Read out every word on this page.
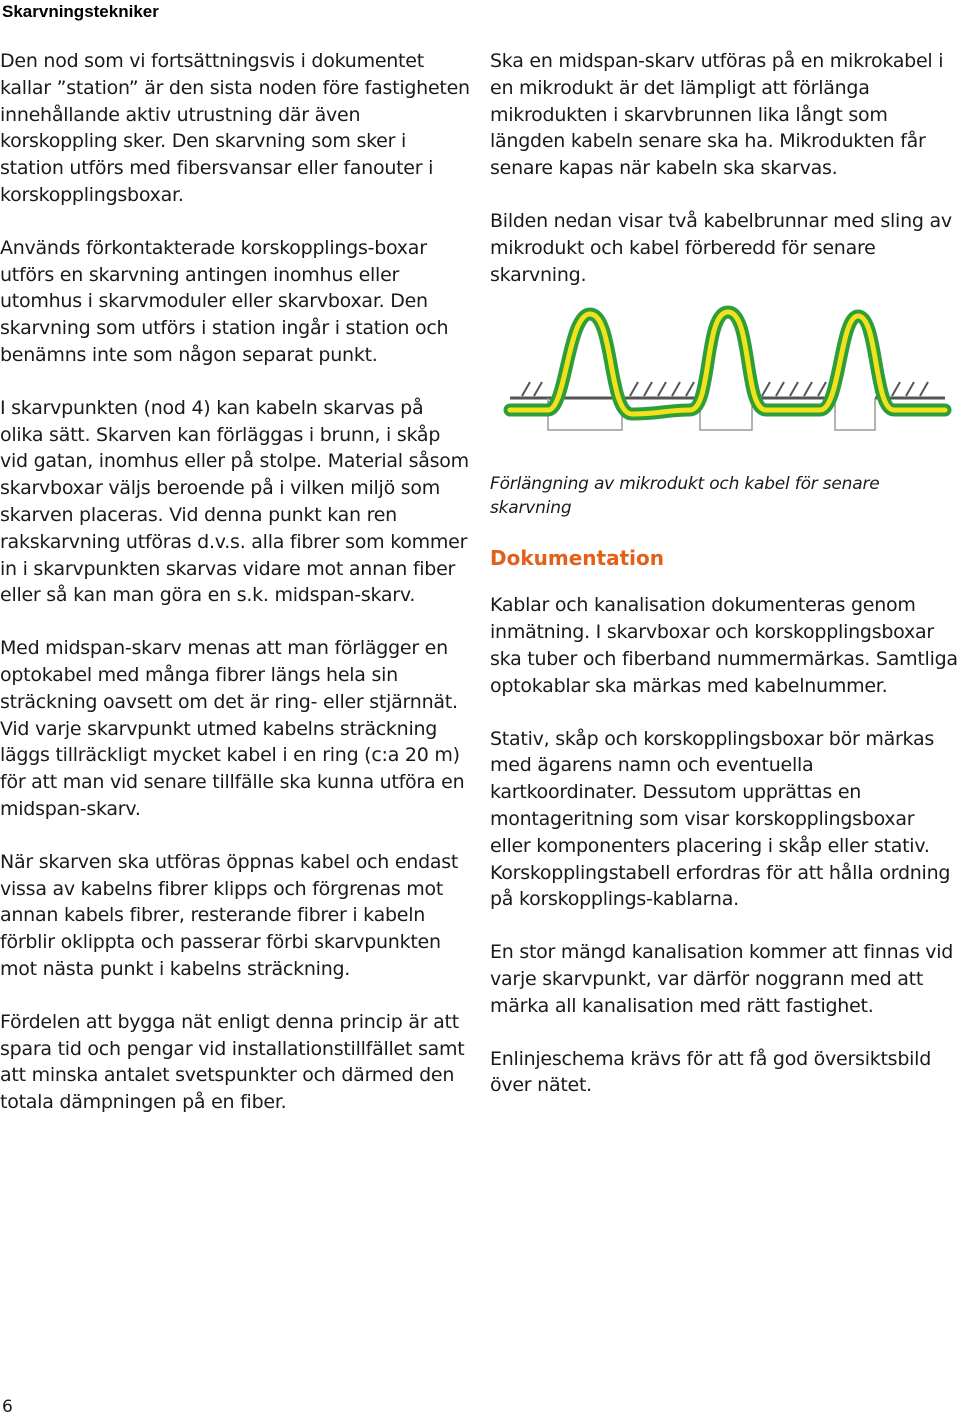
Skarvningstekniker

Den nod som vi fortsättningsvis i dokumentet kallar ”station” är den sista noden före fastigheten innehållande aktiv utrustning där även korskoppling sker. Den skarvning som sker i station utförs med fibersvansar eller fanouter i korskopplingsboxar.

Används förkontakterade korskopplings-boxar utförs en skarvning antingen inomhus eller utomhus i skarvmoduler eller skarvboxar. Den skarvning som utförs i station ingår i station och benämns inte som någon separat punkt.

I skarvpunkten (nod 4) kan kabeln skarvas på olika sätt. Skarven kan förläggas i brunn, i skåp vid gatan, inomhus eller på stolpe. Material såsom skarvboxar väljs beroende på i vilken miljö som skarven placeras. Vid denna punkt kan ren rakskarvning utföras d.v.s. alla fibrer som kommer in i skarvpunkten skarvas vidare mot annan fiber eller så kan man göra en s.k. midspan-skarv.

Med midspan-skarv menas att man förlägger en optokabel med många fibrer längs hela sin sträckning oavsett om det är ring- eller stjärnnät. Vid varje skarvpunkt utmed kabelns sträckning läggs tillräckligt mycket kabel i en ring (c:a 20 m) för att man vid senare tillfälle ska kunna utföra en midspan-skarv.

När skarven ska utföras öppnas kabel och endast vissa av kabelns fibrer klipps och förgrenas mot annan kabels fibrer, resterande fibrer i kabeln förblir oklippta och passerar förbi skarvpunkten mot nästa punkt i kabelns sträckning.

Fördelen att bygga nät enligt denna princip är att spara tid och pengar vid installationstillfället samt att minska antalet svetspunkter och därmed den totala dämpningen på en fiber.

Ska en midspan-skarv utföras på en mikrokabel i en mikrodukt är det lämpligt att förlänga mikrodukten i skarvbrunnen lika långt som längden kabeln senare ska ha. Mikrodukten får senare kapas när kabeln ska skarvas.

Bilden nedan visar två kabelbrunnar med sling av mikrodukt och kabel förberedd för senare skarvning.

Förlängning av mikrodukt och kabel för senare skarvning

Dokumentation

Kablar och kanalisation dokumenteras genom inmätning. I skarvboxar och korskopplingsboxar ska tuber och fiberband nummermärkas. Samtliga optokablar ska märkas med kabelnummer.

Stativ, skåp och korskopplingsboxar bör märkas med ägarens namn och eventuella kartkoordinater. Dessutom upprättas en montageritning som visar korskopplingsboxar eller komponenters placering i skåp eller stativ. Korskopplingstabell erfordras för att hålla ordning på korskopplings-kablarna.

En stor mängd kanalisation kommer att finnas vid varje skarvpunkt, var därför noggrann med att märka all kanalisation med rätt fastighet.

Enlinjeschema krävs för att få god översiktsbild över nätet.

6
